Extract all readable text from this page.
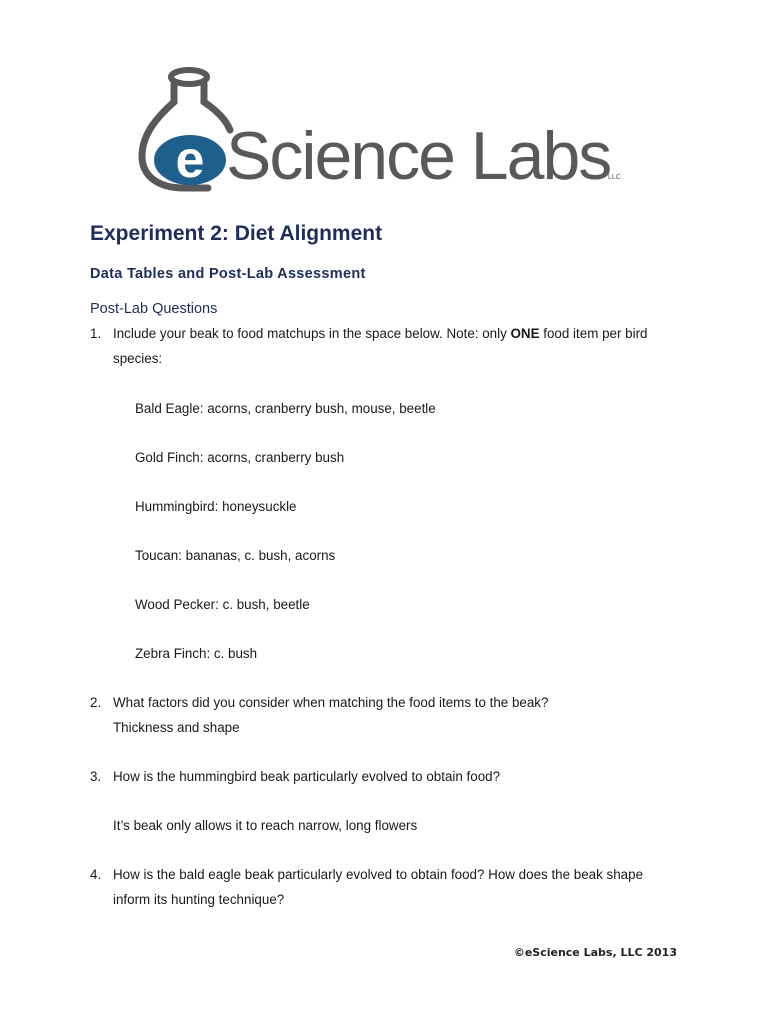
e Science Labs
LLC
Experiment 2: Diet Alignment
Data Tables and Post-Lab Assessment
Post-Lab Questions
1. Include your beak to food matchups in the space below. Note: only ONE food item per bird
species:
Bald Eagle: acorns, cranberry bush, mouse, beetle
Gold Finch: acorns, cranberry bush
Hummingbird: honeysuckle
Toucan: bananas, c. bush, acorns
Wood Pecker: c. bush, beetle
Zebra Finch: c. bush
2. What factors did you consider when matching the food items to the beak?
Thickness and shape
3. How is the hummingbird beak particularly evolved to obtain food?
It’s beak only allows it to reach narrow, long flowers
4. How is the bald eagle beak particularly evolved to obtain food? How does the beak shape
inform its hunting technique?
©eScience Labs, LLC 2013
